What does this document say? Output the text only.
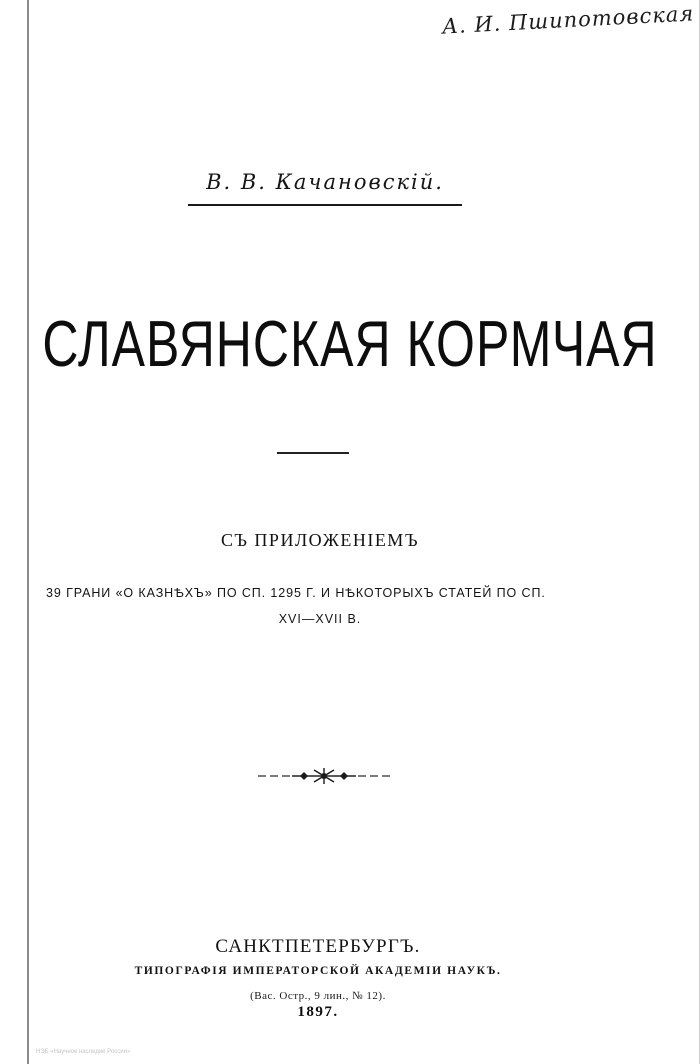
А. И. Пшипотовская
В. В. Качановскій.
СЛАВЯНСКАЯ КОРМЧАЯ
СЪ ПРИЛОЖЕНІЕМЪ
39 ГРАНИ «О КАЗНѢХЪ» ПО СП. 1295 Г. И НѢКОТОРЫХЪ СТАТЕЙ ПО СП.
XVI—XVII В.
САНКТПЕТЕРБУРГЪ.
ТИПОГРАФІЯ ИМПЕРАТОРСКОЙ АКАДЕМІИ НАУКЪ.
(Вас. Остр., 9 лин., № 12).
1897.
НЭБ «Научное наследие России»
